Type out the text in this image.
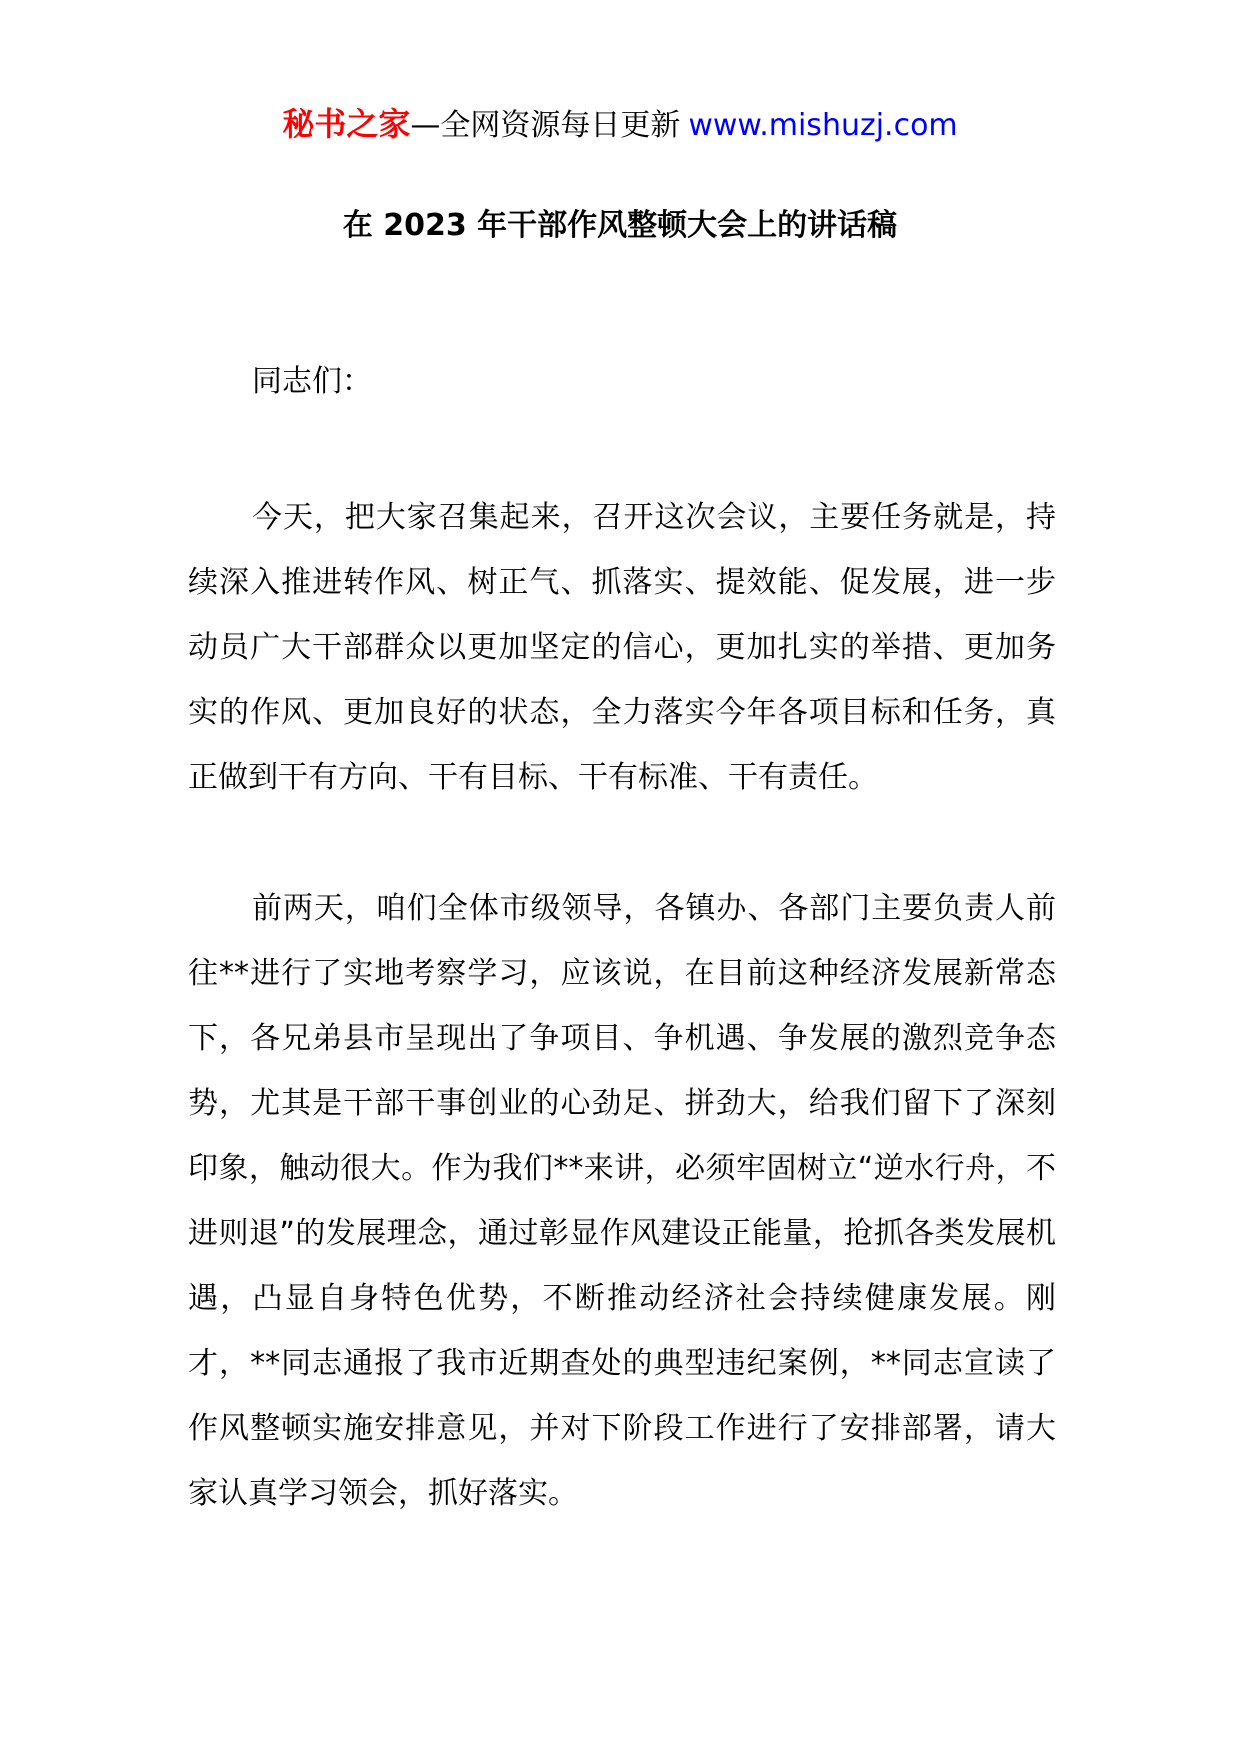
秘书之家—全网资源每日更新 www.mishuzj.com
在 2023 年干部作风整顿大会上的讲话稿

同志们：

今天，把大家召集起来，召开这次会议，主要任务就是，持续深入推进转作风、树正气、抓落实、提效能、促发展，进一步动员广大干部群众以更加坚定的信心，更加扎实的举措、更加务实的作风、更加良好的状态，全力落实今年各项目标和任务，真正做到干有方向、干有目标、干有标准、干有责任。

前两天，咱们全体市级领导，各镇办、各部门主要负责人前往**进行了实地考察学习，应该说，在目前这种经济发展新常态下，各兄弟县市呈现出了争项目、争机遇、争发展的激烈竞争态势，尤其是干部干事创业的心劲足、拼劲大，给我们留下了深刻印象，触动很大。作为我们**来讲，必须牢固树立“逆水行舟，不进则退”的发展理念，通过彰显作风建设正能量，抢抓各类发展机遇，凸显自身特色优势，不断推动经济社会持续健康发展。刚才，**同志通报了我市近期查处的典型违纪案例，**同志宣读了作风整顿实施安排意见，并对下阶段工作进行了安排部署，请大家认真学习领会，抓好落实。
